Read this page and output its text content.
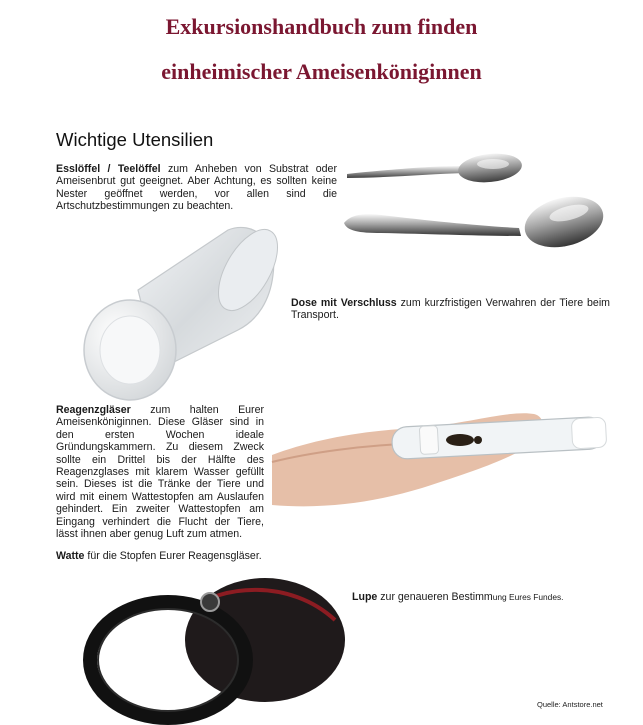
Exkursionshandbuch zum finden
einheimischer Ameisenköniginnen
Wichtige Utensilien

Esslöffel / Teelöffel zum Anheben von Substrat oder Ameisenbrut gut geeignet. Aber Achtung, es sollten keine Nester geöffnet werden, vor allen sind die Artschutzbestimmungen zu beachten.

Dose mit Verschluss zum kurzfristigen Verwahren der Tiere beim Transport.

Reagenzgläser zum halten Eurer Ameisenköniginnen. Diese Gläser sind in den ersten Wochen ideale Gründungskammern. Zu diesem Zweck sollte ein Drittel bis der Hälfte des Reagenzglases mit klarem Wasser gefüllt sein. Dieses ist die Tränke der Tiere und wird mit einem Wattestopfen am Auslaufen gehindert. Ein zweiter Wattestopfen am Eingang verhindert die Flucht der Tiere, lässt ihnen aber genug Luft zum atmen.

Watte für die Stopfen Eurer Reagensgläser.

Lupe zur genaueren Bestimmung Eures Fundes.

Quelle: Antstore.net
